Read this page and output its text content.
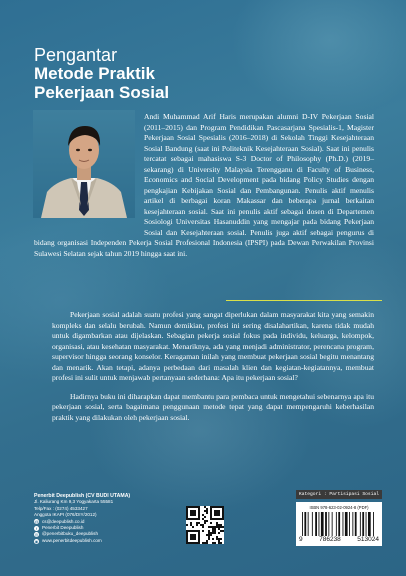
Pengantar
Metode Praktik
Pekerjaan Sosial
Andi Muhammad Arif Haris merupakan alumni D-IV Pekerjaan Sosial (2011–2015) dan Program Pendidikan Pascasarjana Spesialis-1, Magister Pekerjaan Sosial Spesialis (2016–2018) di Sekolah Tinggi Kesejahteraan Sosial Bandung (saat ini Politeknik Kesejahteraan Sosial). Saat ini penulis tercatat sebagai mahasiswa S-3 Doctor of Philosophy (Ph.D.) (2019–sekarang) di University Malaysia Terengganu di Faculty of Business, Economics and Social Development pada bidang Policy Studies dengan pengkajian Kebijakan Sosial dan Pembangunan. Penulis aktif menulis artikel di berbagai koran Makassar dan beberapa jurnal berkaitan kesejahteraan sosial. Saat ini penulis aktif sebagai dosen di Departemen Sosiologi Universitas Hasanuddin yang mengajar pada bidang Pekerjaan Sosial dan Kesejahteraan sosial. Penulis juga aktif sebagai pengurus di bidang organisasi Independen Pekerja Sosial Profesional Indonesia (IPSPI) pada Dewan Perwakilan Provinsi Sulawesi Selatan sejak tahun 2019 hingga saat ini.

Pekerjaan sosial adalah suatu profesi yang sangat diperlukan dalam masyarakat kita yang semakin kompleks dan selalu berubah. Namun demikian, profesi ini sering disalahartikan, karena tidak mudah untuk digambarkan atau dijelaskan. Sebagian pekerja sosial fokus pada individu, keluarga, kelompok, organisasi, atau kesehatan masyarakat. Menariknya, ada yang menjadi administrator, perencana program, supervisor hingga seorang konselor. Keragaman inilah yang membuat pekerjaan sosial begitu menantang dan menarik. Akan tetapi, adanya perbedaan dari masalah klien dan kegiatan-kegiatannya, membuat profesi ini sulit untuk menjawab pertanyaan sederhana: Apa itu pekerjaan sosial?

Hadirnya buku ini diharapkan dapat membantu para pembaca untuk mengetahui sebenarnya apa itu pekerjaan sosial, serta bagaimana penggunaan metode tepat yang dapat mempengaruhi keberhasilan praktik yang dilakukan oleh pekerjaan sosial.

Penerbit Deepublish (CV BUDI UTAMA)
Jl. Kaliurang Km 9,3 Yogyakarta 55581
Telp/Fax : (0274) 4533427
Anggota IKAPI (076/DIY/2012)
@ cs@deepublish.co.id
f	Penerbit Deepublish
◎ @penerbitbuku_deepublish
◉ www.penerbitdeepublish.com
Kategori : Partisipasi Sosial
ISBN 978-623-02-0924-8 (PDF)
9	786238	513024
